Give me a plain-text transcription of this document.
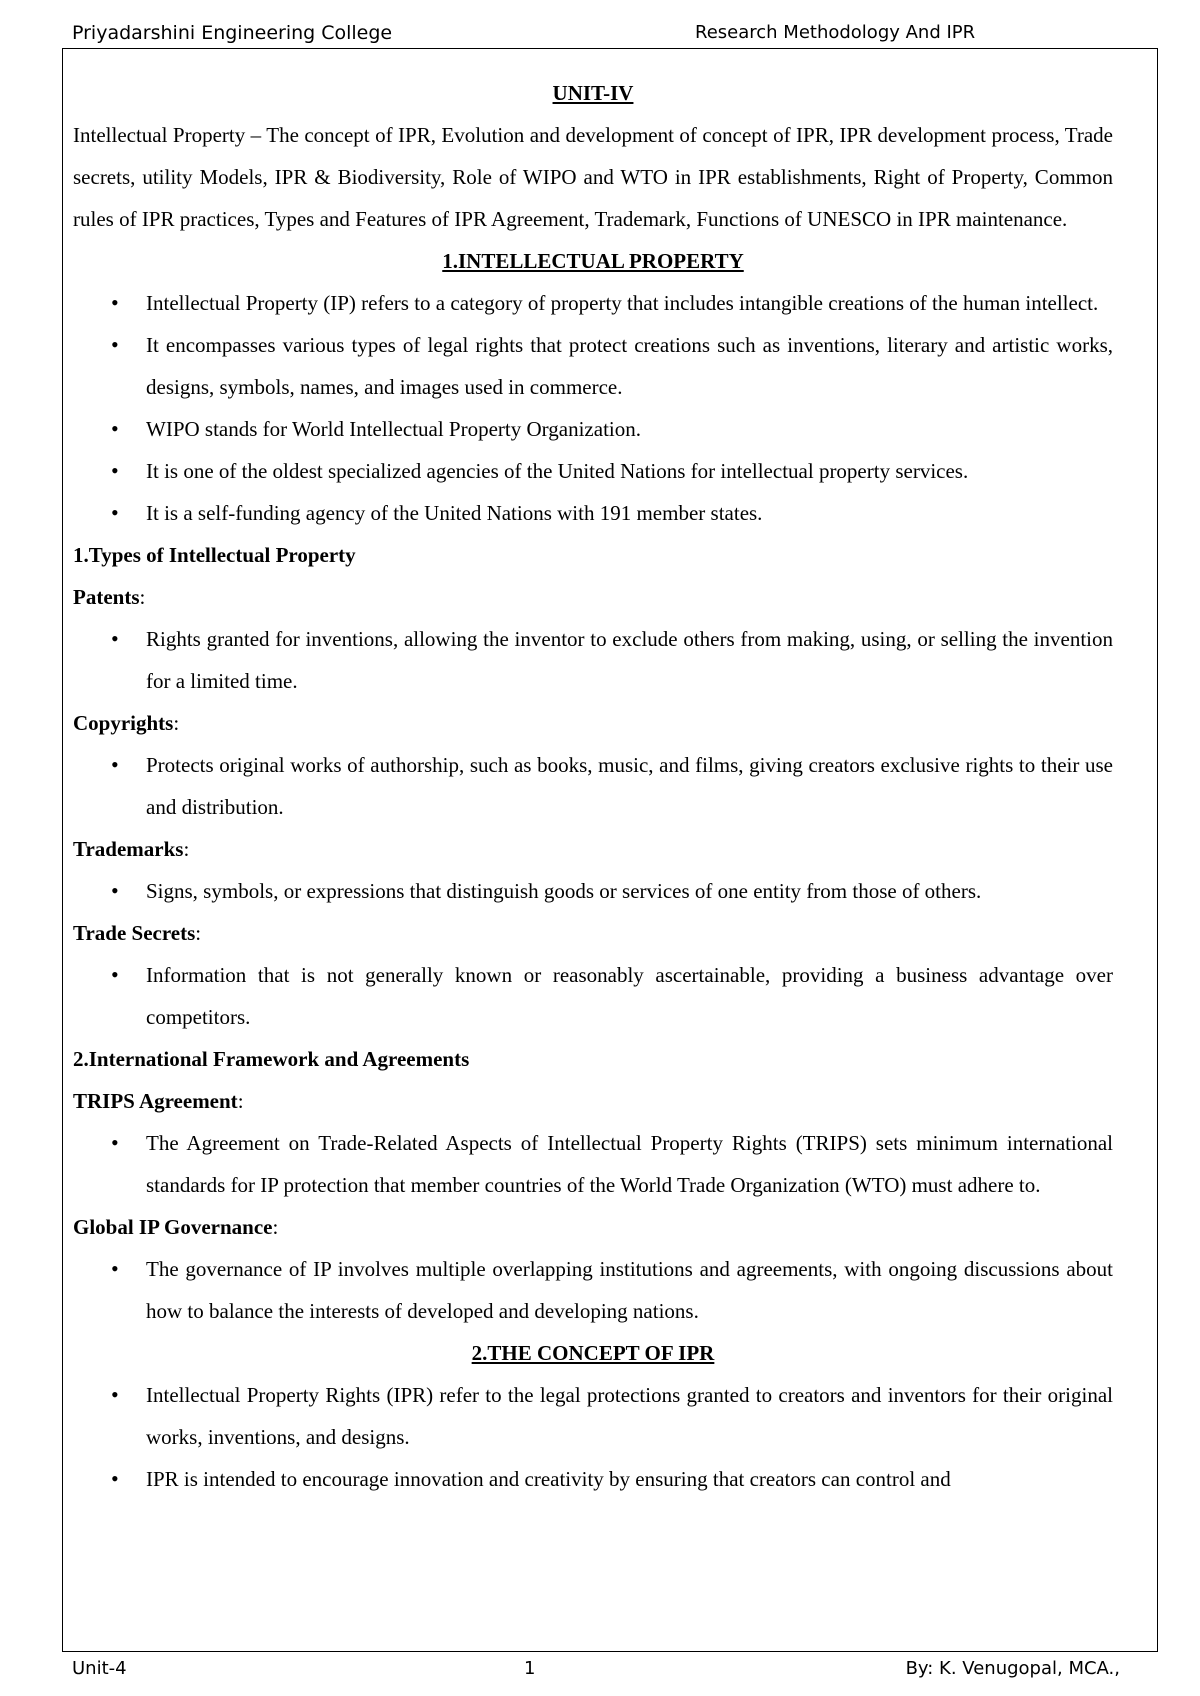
Priyadarshini Engineering College	Research Methodology And IPR
UNIT-IV

Intellectual Property – The concept of IPR, Evolution and development of concept of IPR, IPR development process, Trade secrets, utility Models, IPR & Biodiversity, Role of WIPO and WTO in IPR establishments, Right of Property, Common rules of IPR practices, Types and Features of IPR Agreement, Trademark, Functions of UNESCO in IPR maintenance.

1.INTELLECTUAL PROPERTY
• Intellectual Property (IP) refers to a category of property that includes intangible creations of the human intellect.
• It encompasses various types of legal rights that protect creations such as inventions, literary and artistic works, designs, symbols, names, and images used in commerce.
• WIPO stands for World Intellectual Property Organization.
• It is one of the oldest specialized agencies of the United Nations for intellectual property services.
• It is a self-funding agency of the United Nations with 191 member states.
1.Types of Intellectual Property
Patents:
• Rights granted for inventions, allowing the inventor to exclude others from making, using, or selling the invention for a limited time.
Copyrights:
• Protects original works of authorship, such as books, music, and films, giving creators exclusive rights to their use and distribution.
Trademarks:
• Signs, symbols, or expressions that distinguish goods or services of one entity from those of others.
Trade Secrets:
• Information that is not generally known or reasonably ascertainable, providing a business advantage over competitors.
2.International Framework and Agreements
TRIPS Agreement:
• The Agreement on Trade-Related Aspects of Intellectual Property Rights (TRIPS) sets minimum international standards for IP protection that member countries of the World Trade Organization (WTO) must adhere to.
Global IP Governance:
• The governance of IP involves multiple overlapping institutions and agreements, with ongoing discussions about how to balance the interests of developed and developing nations.
2.THE CONCEPT OF IPR
• Intellectual Property Rights (IPR) refer to the legal protections granted to creators and inventors for their original works, inventions, and designs.
• IPR is intended to encourage innovation and creativity by ensuring that creators can control and
Unit-4	1	By: K. Venugopal, MCA.,
